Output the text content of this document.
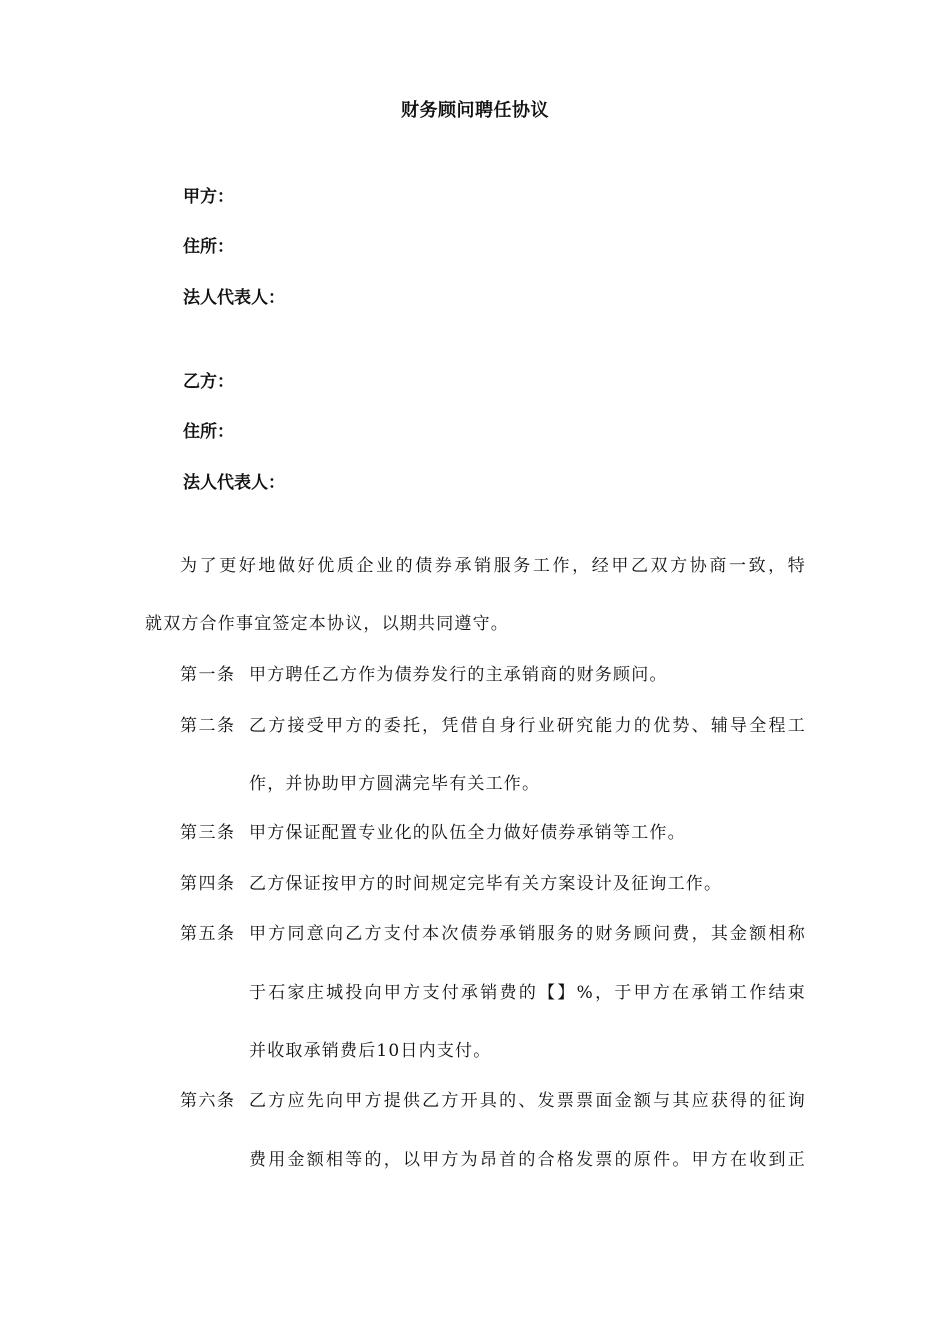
财务顾问聘任协议
甲方：
住所：
法人代表人：
乙方：
住所：
法人代表人：
为了更好地做好优质企业的债券承销服务工作，经甲乙双方协商一致，特
就双方合作事宜签定本协议，以期共同遵守。
第一条 甲方聘任乙方作为债券发行的主承销商的财务顾问。
第二条 乙方接受甲方的委托，凭借自身行业研究能力的优势、辅导全程工
作，并协助甲方圆满完毕有关工作。
第三条 甲方保证配置专业化的队伍全力做好债券承销等工作。
第四条 乙方保证按甲方的时间规定完毕有关方案设计及征询工作。
第五条 甲方同意向乙方支付本次债券承销服务的财务顾问费，其金额相称
于石家庄城投向甲方支付承销费的【】%，于甲方在承销工作结束
并收取承销费后10日内支付。
第六条 乙方应先向甲方提供乙方开具的、发票票面金额与其应获得的征询
费用金额相等的，以甲方为昂首的合格发票的原件。甲方在收到正
